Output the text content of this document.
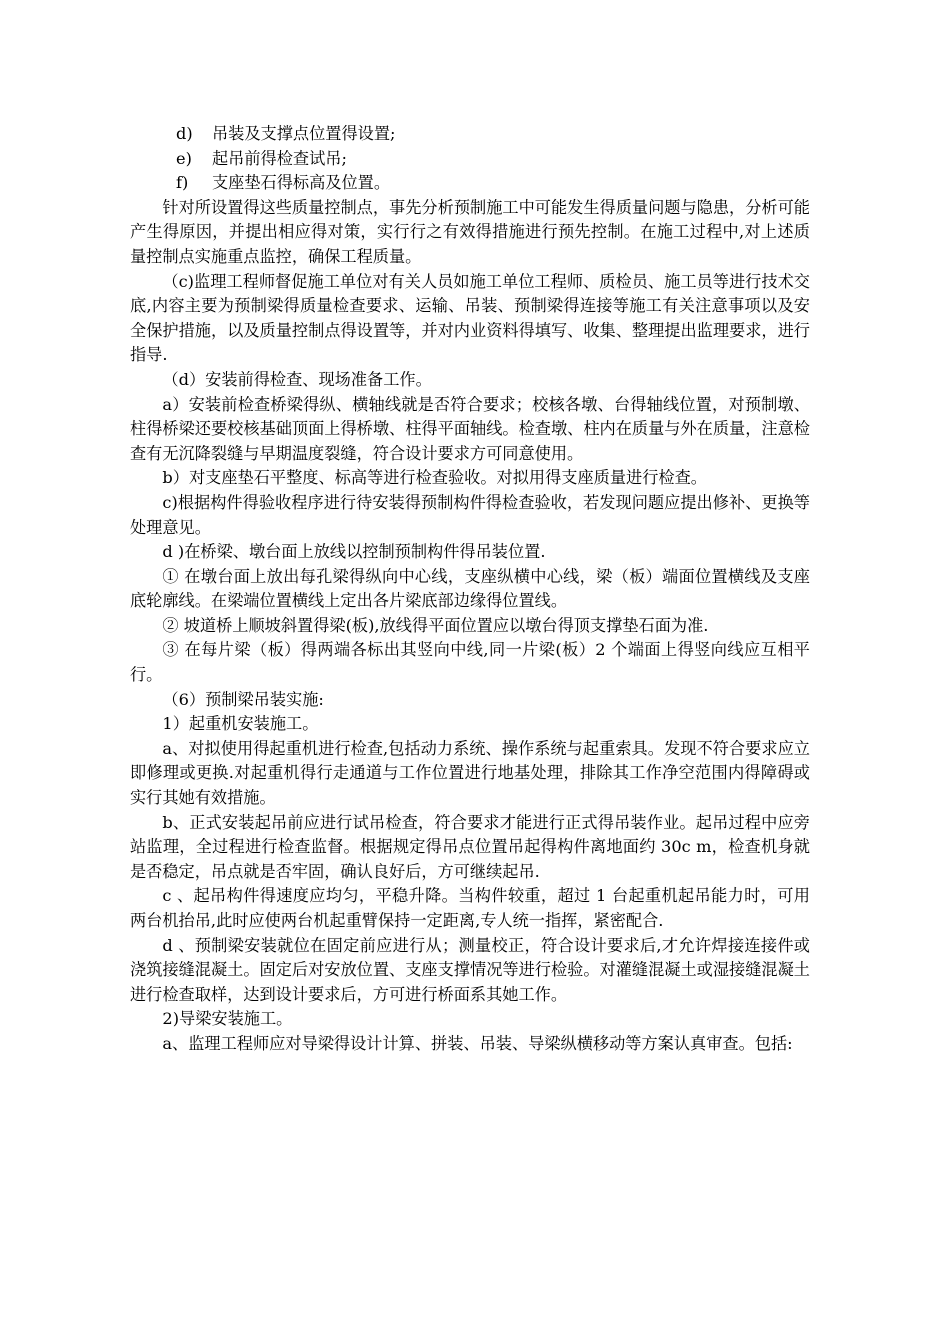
d) 吊装及支撑点位置得设置;
e) 起吊前得检查试吊;
f) 支座垫石得标高及位置。

针对所设置得这些质量控制点，事先分析预制施工中可能发生得质量问题与隐患，分析可能产生得原因，并提出相应得对策，实行行之有效得措施进行预先控制。在施工过程中,对上述质量控制点实施重点监控，确保工程质量。

（c)监理工程师督促施工单位对有关人员如施工单位工程师、质检员、施工员等进行技术交底,内容主要为预制梁得质量检查要求、运输、吊装、预制梁得连接等施工有关注意事项以及安全保护措施，以及质量控制点得设置等，并对内业资料得填写、收集、整理提出监理要求，进行指导.

（d）安装前得检查、现场准备工作。

a）安装前检查桥梁得纵、横轴线就是否符合要求；校核各墩、台得轴线位置，对预制墩、柱得桥梁还要校核基础顶面上得桥墩、柱得平面轴线。检查墩、柱内在质量与外在质量，注意检查有无沉降裂缝与早期温度裂缝，符合设计要求方可同意使用。

b）对支座垫石平整度、标高等进行检查验收。对拟用得支座质量进行检查。

c)根据构件得验收程序进行待安装得预制构件得检查验收，若发现问题应提出修补、更换等处理意见。

d )在桥梁、墩台面上放线以控制预制构件得吊装位置.

① 在墩台面上放出每孔梁得纵向中心线，支座纵横中心线，梁（板）端面位置横线及支座底轮廓线。在梁端位置横线上定出各片梁底部边缘得位置线。

② 坡道桥上顺坡斜置得梁(板),放线得平面位置应以墩台得顶支撑垫石面为准.

③ 在每片梁（板）得两端各标出其竖向中线,同一片梁(板）2 个端面上得竖向线应互相平行。

（6）预制梁吊装实施:

1）起重机安装施工。

a、对拟使用得起重机进行检查,包括动力系统、操作系统与起重索具。发现不符合要求应立即修理或更换.对起重机得行走通道与工作位置进行地基处理，排除其工作净空范围内得障碍或实行其她有效措施。

b、正式安装起吊前应进行试吊检查，符合要求才能进行正式得吊装作业。起吊过程中应旁站监理，全过程进行检查监督。根据规定得吊点位置吊起得构件离地面约 30c m，检查机身就是否稳定，吊点就是否牢固，确认良好后，方可继续起吊.

c 、起吊构件得速度应均匀，平稳升降。当构件较重，超过 1 台起重机起吊能力时，可用两台机抬吊,此时应使两台机起重臂保持一定距离,专人统一指挥，紧密配合.

d 、预制梁安装就位在固定前应进行从；测量校正，符合设计要求后,才允许焊接连接件或浇筑接缝混凝土。固定后对安放位置、支座支撑情况等进行检验。对灌缝混凝土或湿接缝混凝土进行检查取样，达到设计要求后，方可进行桥面系其她工作。

2)导梁安装施工。

a、监理工程师应对导梁得设计计算、拼装、吊装、导梁纵横移动等方案认真审查。包括:
